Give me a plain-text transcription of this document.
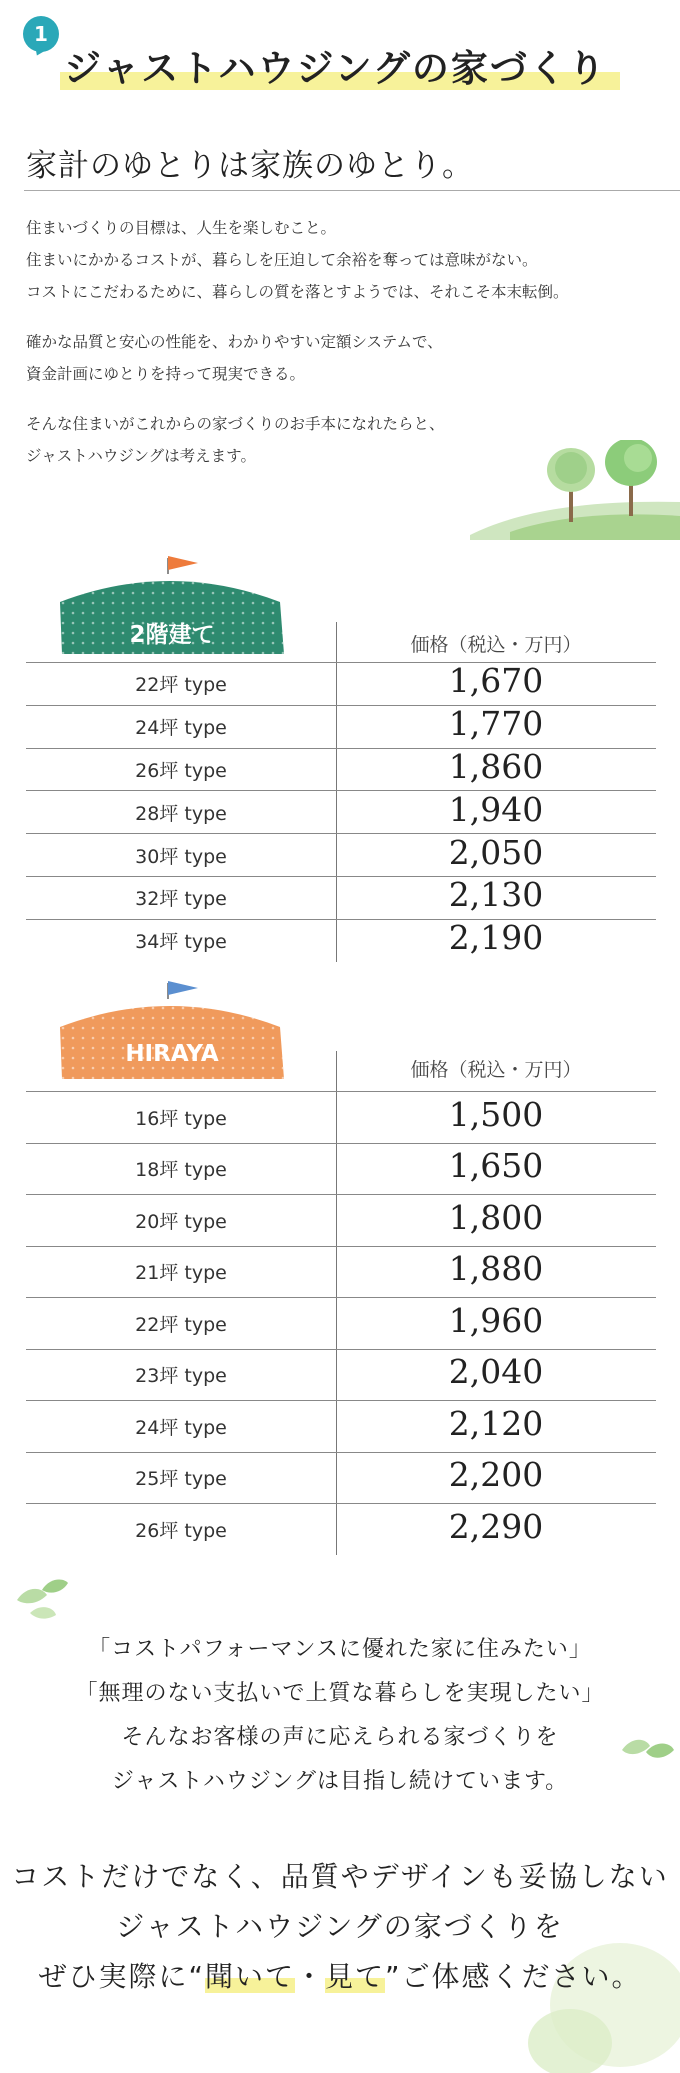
1
ジャストハウジングの家づくり
家計のゆとりは家族のゆとり。
住まいづくりの目標は、人生を楽しむこと。
住まいにかかるコストが、暮らしを圧迫して余裕を奪っては意味がない。
コストにこだわるために、暮らしの質を落とすようでは、それこそ本末転倒。
確かな品質と安心の性能を、わかりやすい定額システムで、
資金計画にゆとりを持って現実できる。
そんな住まいがこれからの家づくりのお手本になれたらと、
ジャストハウジングは考えます。
2階建て	価格（税込・万円）
22坪 type	1,670
24坪 type	1,770
26坪 type	1,860
28坪 type	1,940
30坪 type	2,050
32坪 type	2,130
34坪 type	2,190
HIRAYA
価格（税込・万円）
16坪 type	1,500
18坪 type	1,650
20坪 type	1,800
21坪 type	1,880
22坪 type	1,960
23坪 type	2,040
24坪 type	2,120
25坪 type	2,200
26坪 type	2,290
「コストパフォーマンスに優れた家に住みたい」
「無理のない支払いで上質な暮らしを実現したい」
そんなお客様の声に応えられる家づくりを
ジャストハウジングは目指し続けています。
コストだけでなく、品質やデザインも妥協しない
ジャストハウジングの家づくりを
ぜひ実際に“聞いて・見て”ご体感ください。
